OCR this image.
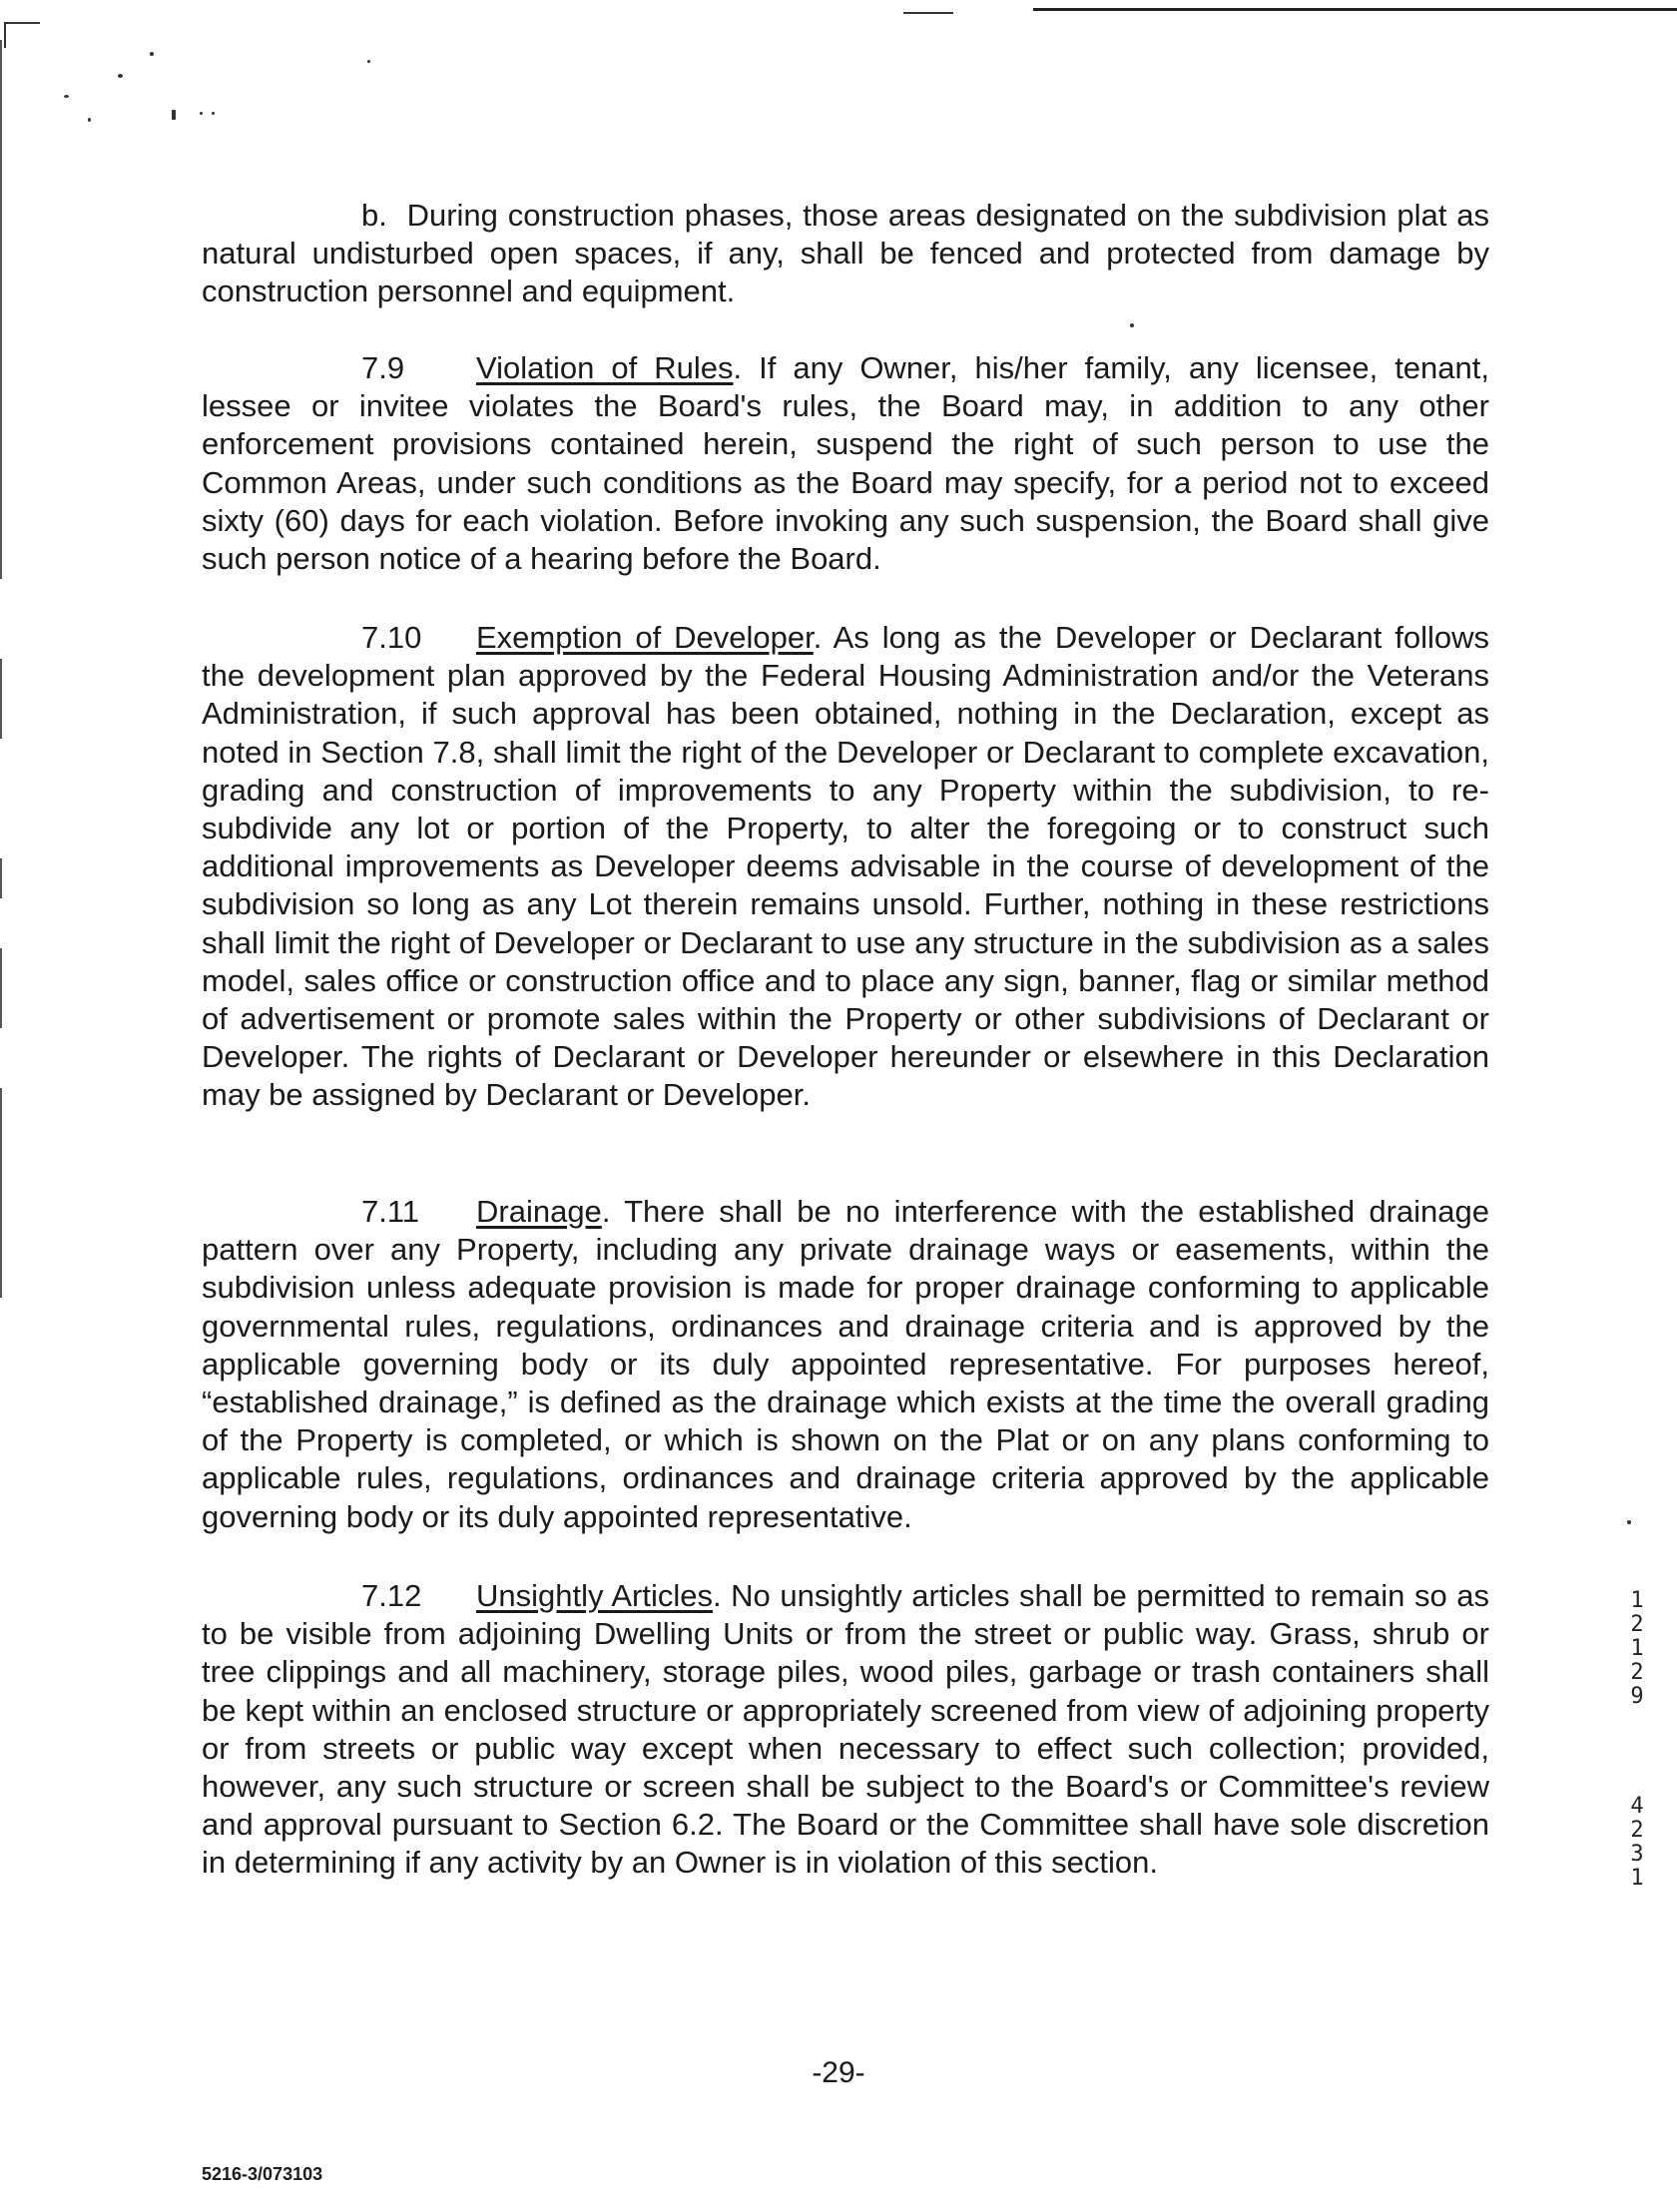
b. During construction phases, those areas designated on the subdivision plat as natural undisturbed open spaces, if any, shall be fenced and protected from damage by construction personnel and equipment.
7.9 Violation of Rules. If any Owner, his/her family, any licensee, tenant, lessee or invitee violates the Board's rules, the Board may, in addition to any other enforcement provisions contained herein, suspend the right of such person to use the Common Areas, under such conditions as the Board may specify, for a period not to exceed sixty (60) days for each violation. Before invoking any such suspension, the Board shall give such person notice of a hearing before the Board.
7.10 Exemption of Developer. As long as the Developer or Declarant follows the development plan approved by the Federal Housing Administration and/or the Veterans Administration, if such approval has been obtained, nothing in the Declaration, except as noted in Section 7.8, shall limit the right of the Developer or Declarant to complete excavation, grading and construction of improvements to any Property within the subdivision, to re-subdivide any lot or portion of the Property, to alter the foregoing or to construct such additional improvements as Developer deems advisable in the course of development of the subdivision so long as any Lot therein remains unsold. Further, nothing in these restrictions shall limit the right of Developer or Declarant to use any structure in the subdivision as a sales model, sales office or construction office and to place any sign, banner, flag or similar method of advertisement or promote sales within the Property or other subdivisions of Declarant or Developer. The rights of Declarant or Developer hereunder or elsewhere in this Declaration may be assigned by Declarant or Developer.
7.11 Drainage. There shall be no interference with the established drainage pattern over any Property, including any private drainage ways or easements, within the subdivision unless adequate provision is made for proper drainage conforming to applicable governmental rules, regulations, ordinances and drainage criteria and is approved by the applicable governing body or its duly appointed representative. For purposes hereof, “established drainage,” is defined as the drainage which exists at the time the overall grading of the Property is completed, or which is shown on the Plat or on any plans conforming to applicable rules, regulations, ordinances and drainage criteria approved by the applicable governing body or its duly appointed representative.
7.12 Unsightly Articles. No unsightly articles shall be permitted to remain so as to be visible from adjoining Dwelling Units or from the street or public way. Grass, shrub or tree clippings and all machinery, storage piles, wood piles, garbage or trash containers shall be kept within an enclosed structure or appropriately screened from view of adjoining property or from streets or public way except when necessary to effect such collection; provided, however, any such structure or screen shall be subject to the Board's or Committee's review and approval pursuant to Section 6.2. The Board or the Committee shall have sole discretion in determining if any activity by an Owner is in violation of this section.
1
2
1
2
9
4
2
3
1
-29-
5216-3/073103
